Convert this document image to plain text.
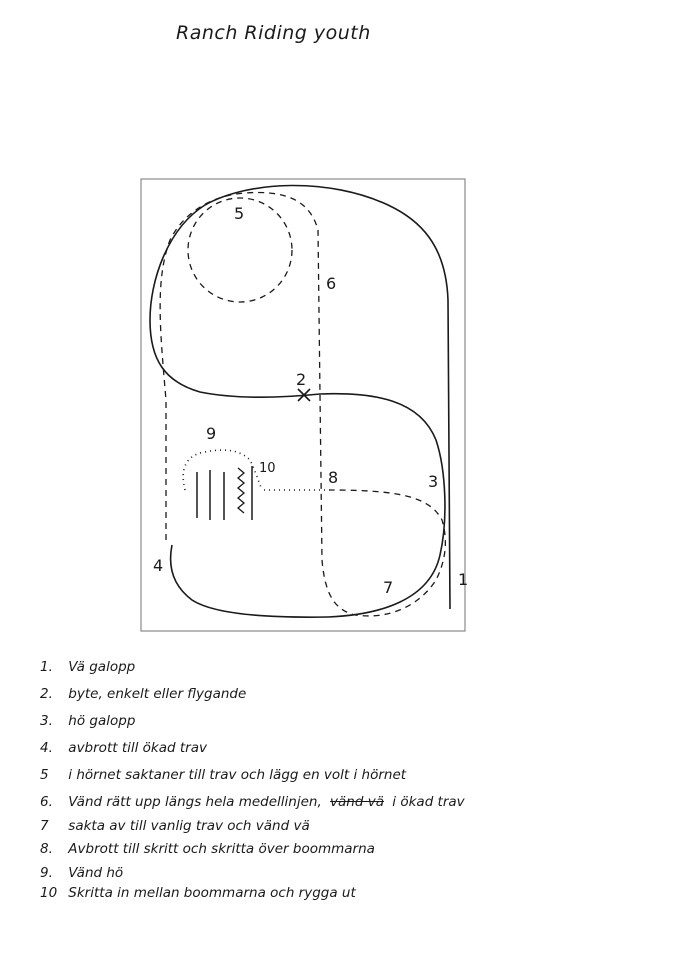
Ranch Riding youth
1
2
3
4
5
6
7
8
9
10
1. Vä galopp
2. byte, enkelt eller flygande
3. hö galopp
4. avbrott till ökad trav
5 i hörnet saktaner till trav och lägg en volt i hörnet
6. Vänd rätt upp längs hela medellinjen, vänd vä i ökad trav
7 sakta av till vanlig trav och vänd vä
8. Avbrott till skritt och skritta över boommarna
9. Vänd hö
10 Skritta in mellan boommarna och rygga ut
